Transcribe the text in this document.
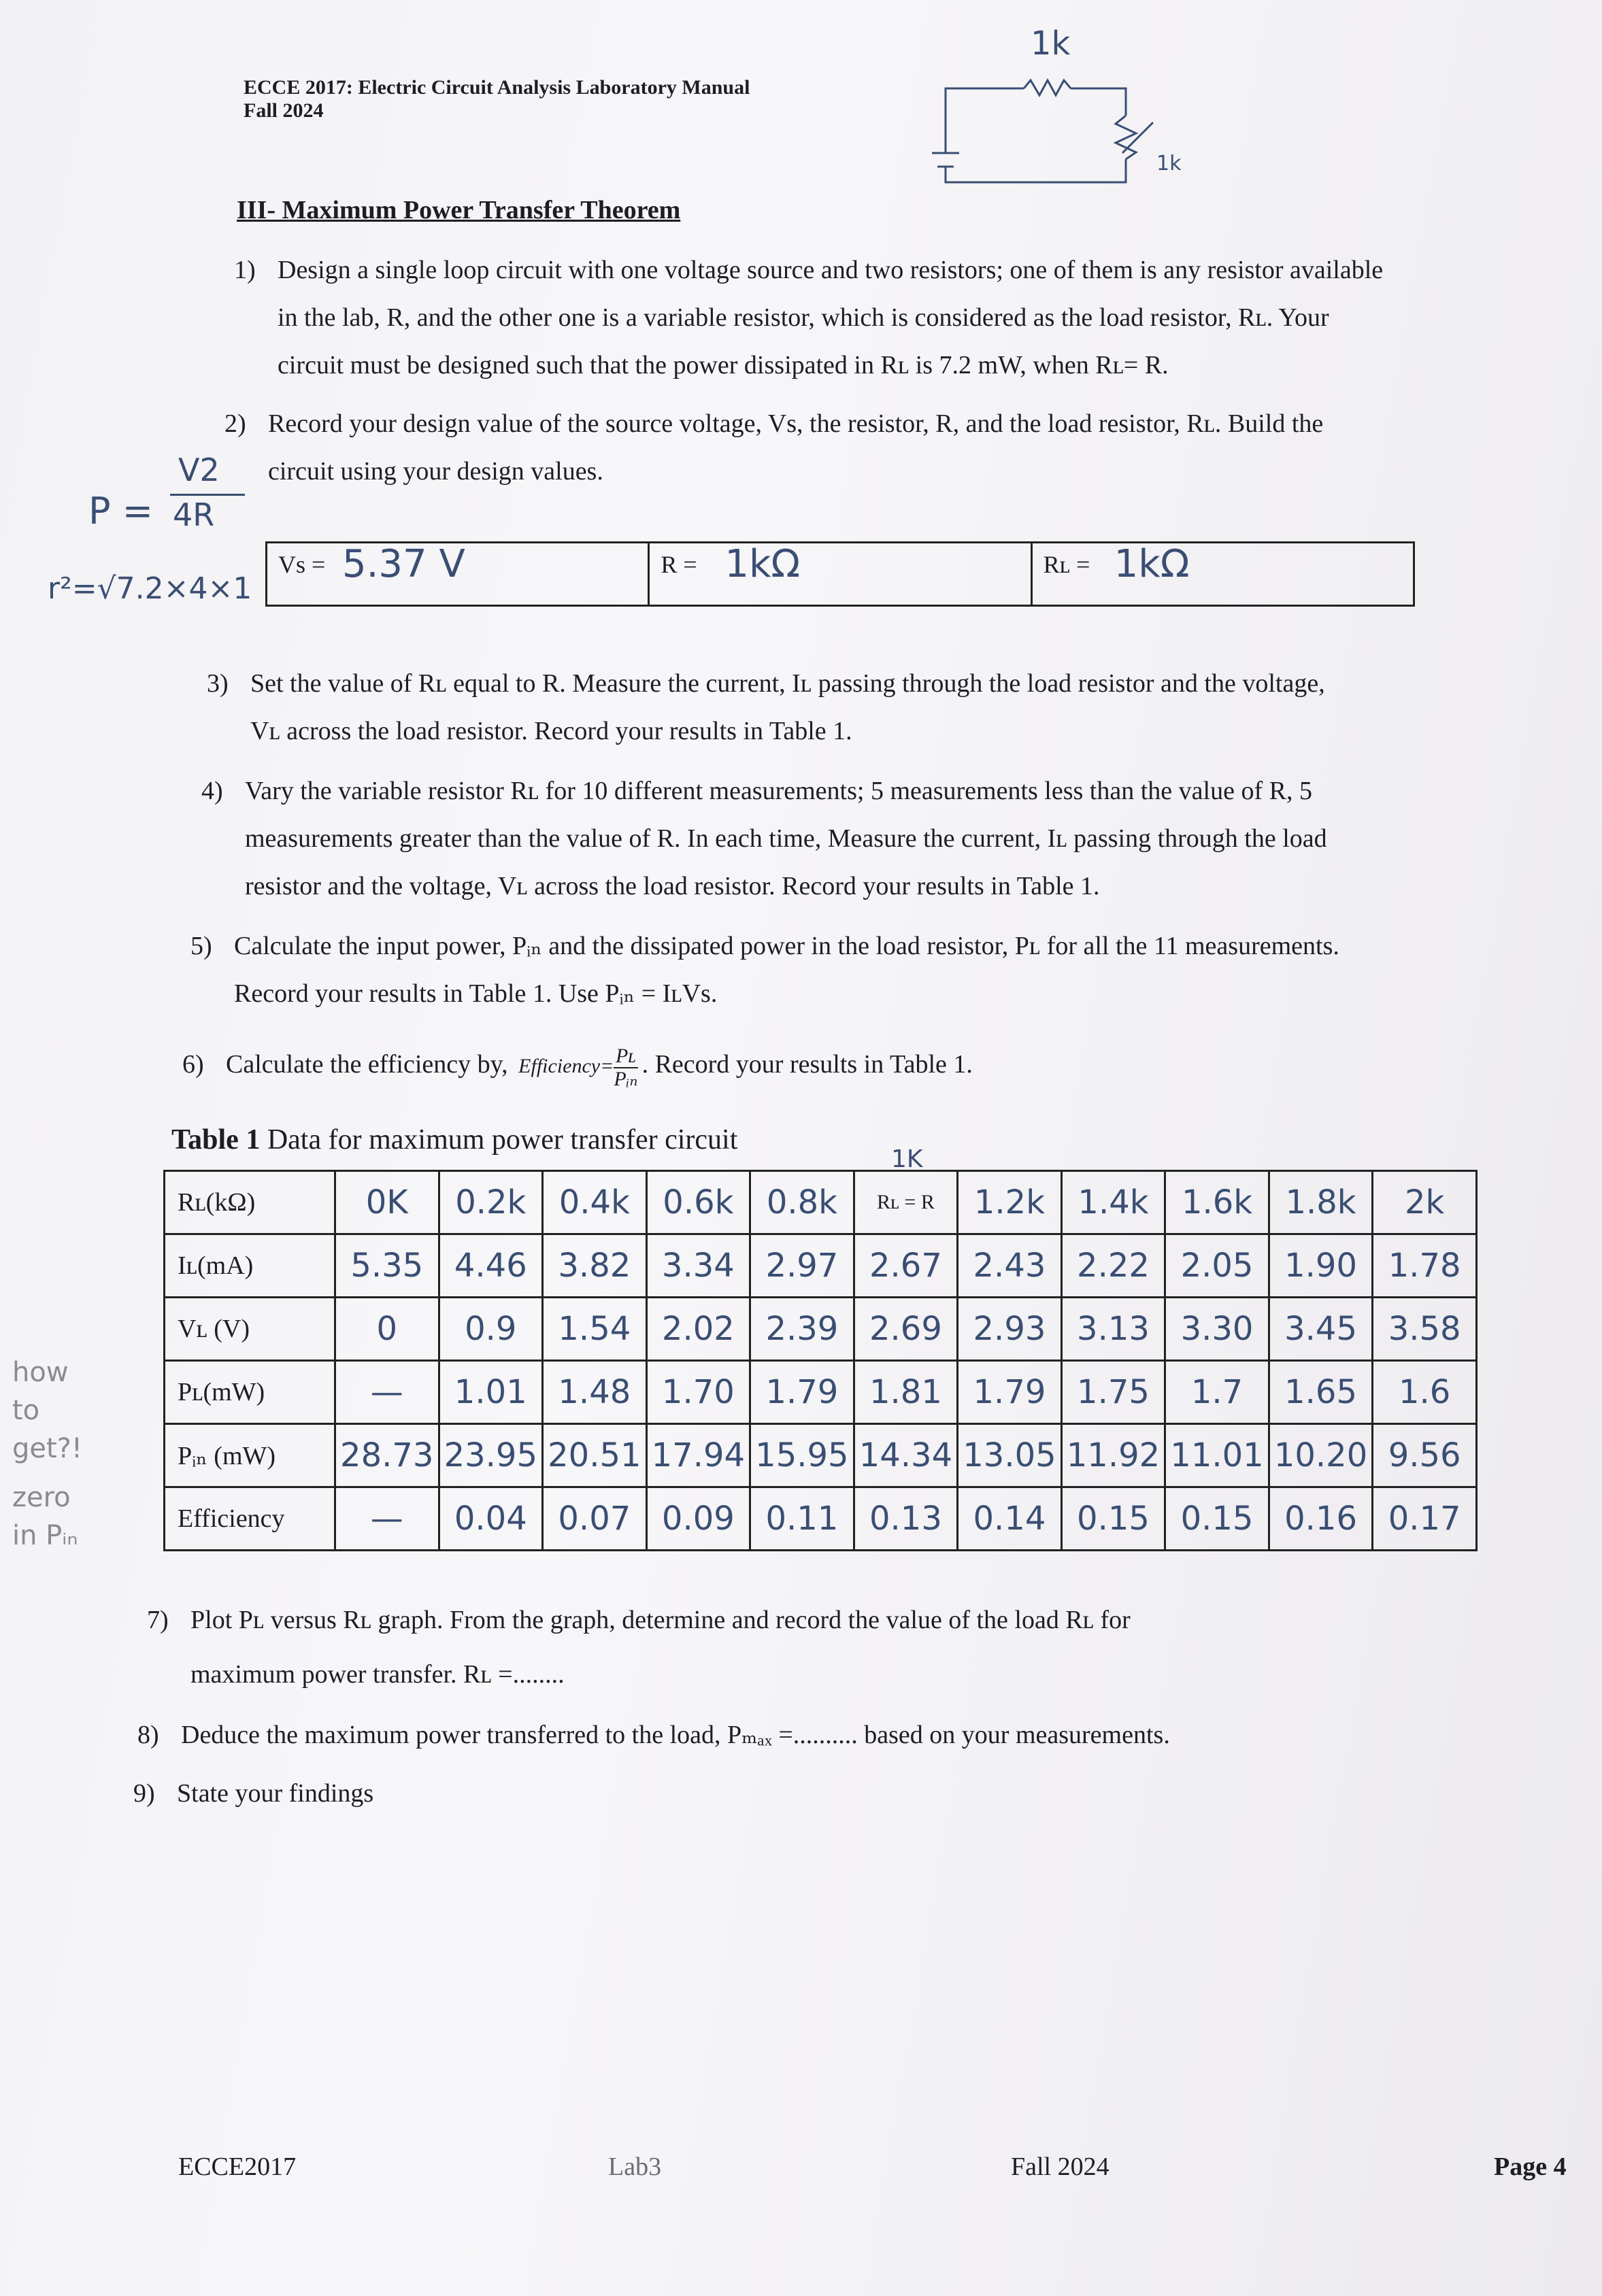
ECCE 2017: Electric Circuit Analysis Laboratory Manual
Fall 2024
1k
1k
III- Maximum Power Transfer Theorem
1) Design a single loop circuit with one voltage source and two resistors; one of them is any resistor available
in the lab, R, and the other one is a variable resistor, which is considered as the load resistor, Rʟ. Your
circuit must be designed such that the power dissipated in Rʟ is 7.2 mW, when Rʟ= R.
2) Record your design value of the source voltage, Vs, the resistor, R, and the load resistor, Rʟ. Build the
circuit using your design values.
V2
P = 4R
r²=√7.2×4×1
Vs = 5.37 V	R = 1kΩ	Rʟ = 1kΩ
3) Set the value of Rʟ equal to R. Measure the current, Iʟ passing through the load resistor and the voltage,
Vʟ across the load resistor. Record your results in Table 1.
4) Vary the variable resistor Rʟ for 10 different measurements; 5 measurements less than the value of R, 5
measurements greater than the value of R. In each time, Measure the current, Iʟ passing through the load
resistor and the voltage, Vʟ across the load resistor. Record your results in Table 1.
5) Calculate the input power, Pᵢₙ and the dissipated power in the load resistor, Pʟ for all the 11 measurements.
Record your results in Table 1. Use Pᵢₙ = IʟVs.
6) Calculate the efficiency by, Efficiency= Pʟ
Pᵢₙ
. Record your results in Table 1.
Table 1 Data for maximum power transfer circuit
1K
Rʟ(kΩ)	0K	0.2k	0.4k	0.6k	0.8k	Rʟ = R	1.2k	1.4k	1.6k	1.8k	2k
Iʟ(mA)	5.35	4.46	3.82	3.34	2.97	2.67	2.43	2.22	2.05	1.90	1.78
Vʟ (V)	0	0.9	1.54	2.02	2.39	2.69	2.93	3.13	3.30	3.45	3.58
Pʟ(mW)	—	1.01	1.48	1.70	1.79	1.81	1.79	1.75	1.7	1.65	1.6
Pᵢₙ (mW)	28.73	23.95	20.51	17.94	15.95	14.34	13.05	11.92	11.01	10.20	9.56
Efficiency	—	0.04	0.07	0.09	0.11	0.13	0.14	0.15	0.15	0.16	0.17
how
to
get?!
zero
in Pᵢₙ
7) Plot Pʟ versus Rʟ graph. From the graph, determine and record the value of the load Rʟ for
maximum power transfer. Rʟ =........
8) Deduce the maximum power transferred to the load, Pₘₐₓ =.......... based on your measurements.
9) State your findings
ECCE2017	Lab3	Fall 2024	Page 4
